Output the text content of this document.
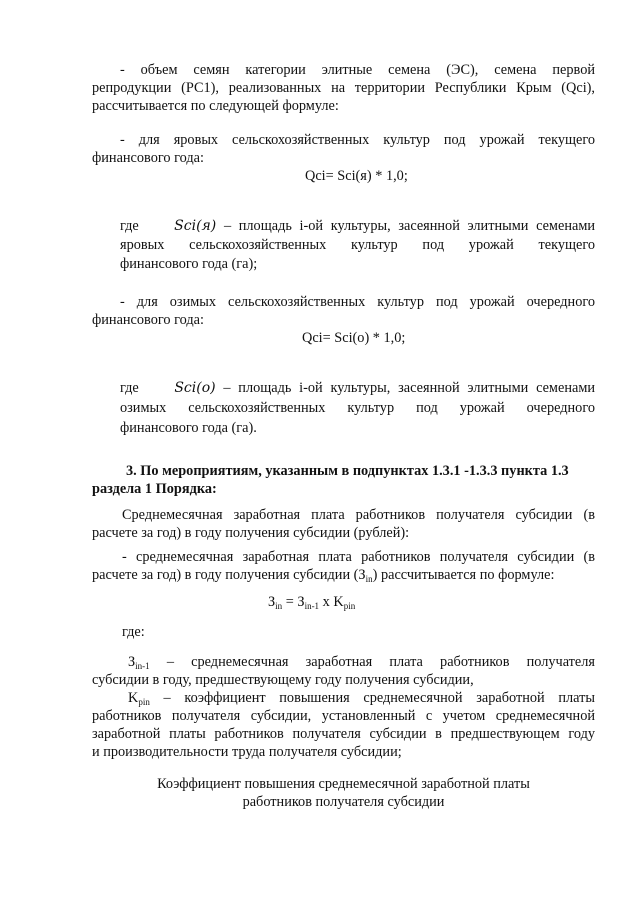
- объем семян категории элитные семена (ЭС), семена первой
репродукции (РС1), реализованных на территории Республики Крым (Qci),
рассчитывается по следующей формуле:
- для яровых сельскохозяйственных культур под урожай текущего
финансового года:
Qci= Sci(я) * 1,0;
где	Sci(я) – площадь i-ой культуры, засеянной элитными семенами
яровых сельскохозяйственных культур под урожай текущего
финансового года (га);
- для озимых сельскохозяйственных культур под урожай очередного
финансового года:
Qci= Sci(o) * 1,0;
где	Sci(o) – площадь i-ой культуры, засеянной элитными семенами
озимых сельскохозяйственных культур под урожай очередного
финансового года (га).
3. По мероприятиям, указанным в подпунктах 1.3.1 -1.3.3 пункта 1.3
раздела 1 Порядка:
Среднемесячная заработная плата работников получателя субсидии (в
расчете за год) в году получения субсидии (рублей):
- среднемесячная заработная плата работников получателя субсидии (в
расчете за год) в году получения субсидии $(З_{in})$ рассчитывается по формуле:
$З_{in} = З_{in-1}$ x $K_{pin}$
где:
$З_{in-1}$ – среднемесячная заработная плата работников получателя
субсидии в году, предшествующему году получения субсидии,
$K_{pin}$ – коэффициент повышения среднемесячной заработной платы
работников получателя субсидии, установленный с учетом среднемесячной
заработной платы работников получателя субсидии в предшествующем году
и производительности труда получателя субсидии;
Коэффициент повышения среднемесячной заработной платы
работников получателя субсидии
